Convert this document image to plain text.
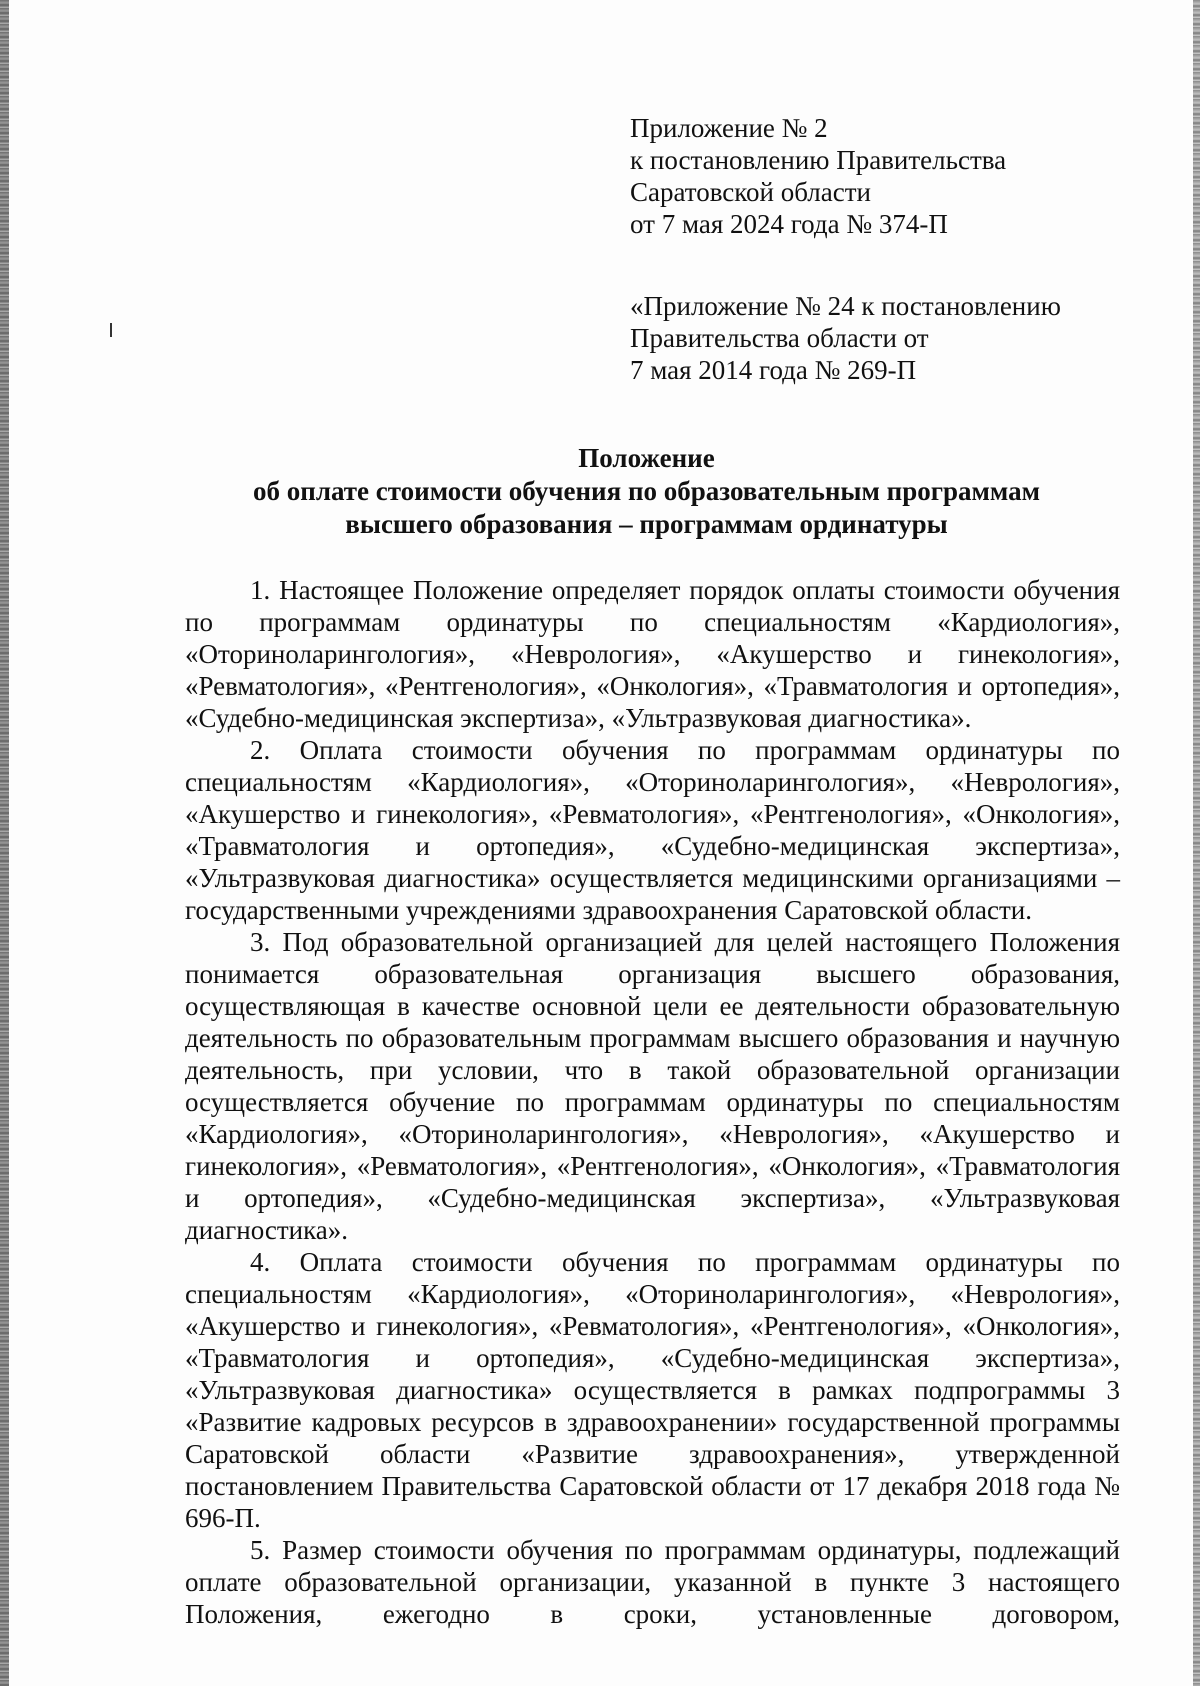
Приложение № 2
к постановлению Правительства
Саратовской области
от 7 мая 2024 года № 374-П
«Приложение № 24 к постановлению
Правительства области от
7 мая 2014 года № 269-П
Положение
об оплате стоимости обучения по образовательным программам
высшего образования – программам ординатуры

1. Настоящее Положение определяет порядок оплаты стоимости обучения по программам ординатуры по специальностям «Кардиология», «Оториноларингология», «Неврология», «Акушерство и гинекология», «Ревматология», «Рентгенология», «Онкология», «Травматология и ортопедия», «Судебно-медицинская экспертиза», «Ультразвуковая диагностика».

2. Оплата стоимости обучения по программам ординатуры по специальностям «Кардиология», «Оториноларингология», «Неврология», «Акушерство и гинекология», «Ревматология», «Рентгенология», «Онкология», «Травматология и ортопедия», «Судебно-медицинская экспертиза», «Ультразвуковая диагностика» осуществляется медицинскими организациями – государственными учреждениями здравоохранения Саратовской области.

3. Под образовательной организацией для целей настоящего Положения понимается образовательная организация высшего образования, осуществляющая в качестве основной цели ее деятельности образовательную деятельность по образовательным программам высшего образования и научную деятельность, при условии, что в такой образовательной организации осуществляется обучение по программам ординатуры по специальностям «Кардиология», «Оториноларингология», «Неврология», «Акушерство и гинекология», «Ревматология», «Рентгенология», «Онкология», «Травматология и ортопедия», «Судебно-медицинская экспертиза», «Ультразвуковая диагностика».

4. Оплата стоимости обучения по программам ординатуры по специальностям «Кардиология», «Оториноларингология», «Неврология», «Акушерство и гинекология», «Ревматология», «Рентгенология», «Онкология», «Травматология и ортопедия», «Судебно-медицинская экспертиза», «Ультразвуковая диагностика» осуществляется в рамках подпрограммы 3 «Развитие кадровых ресурсов в здравоохранении» государственной программы Саратовской области «Развитие здравоохранения», утвержденной постановлением Правительства Саратовской области от 17 декабря 2018 года № 696-П.

5. Размер стоимости обучения по программам ординатуры, подлежащий оплате образовательной организации, указанной в пункте 3 настоящего Положения, ежегодно в сроки, установленные договором,
